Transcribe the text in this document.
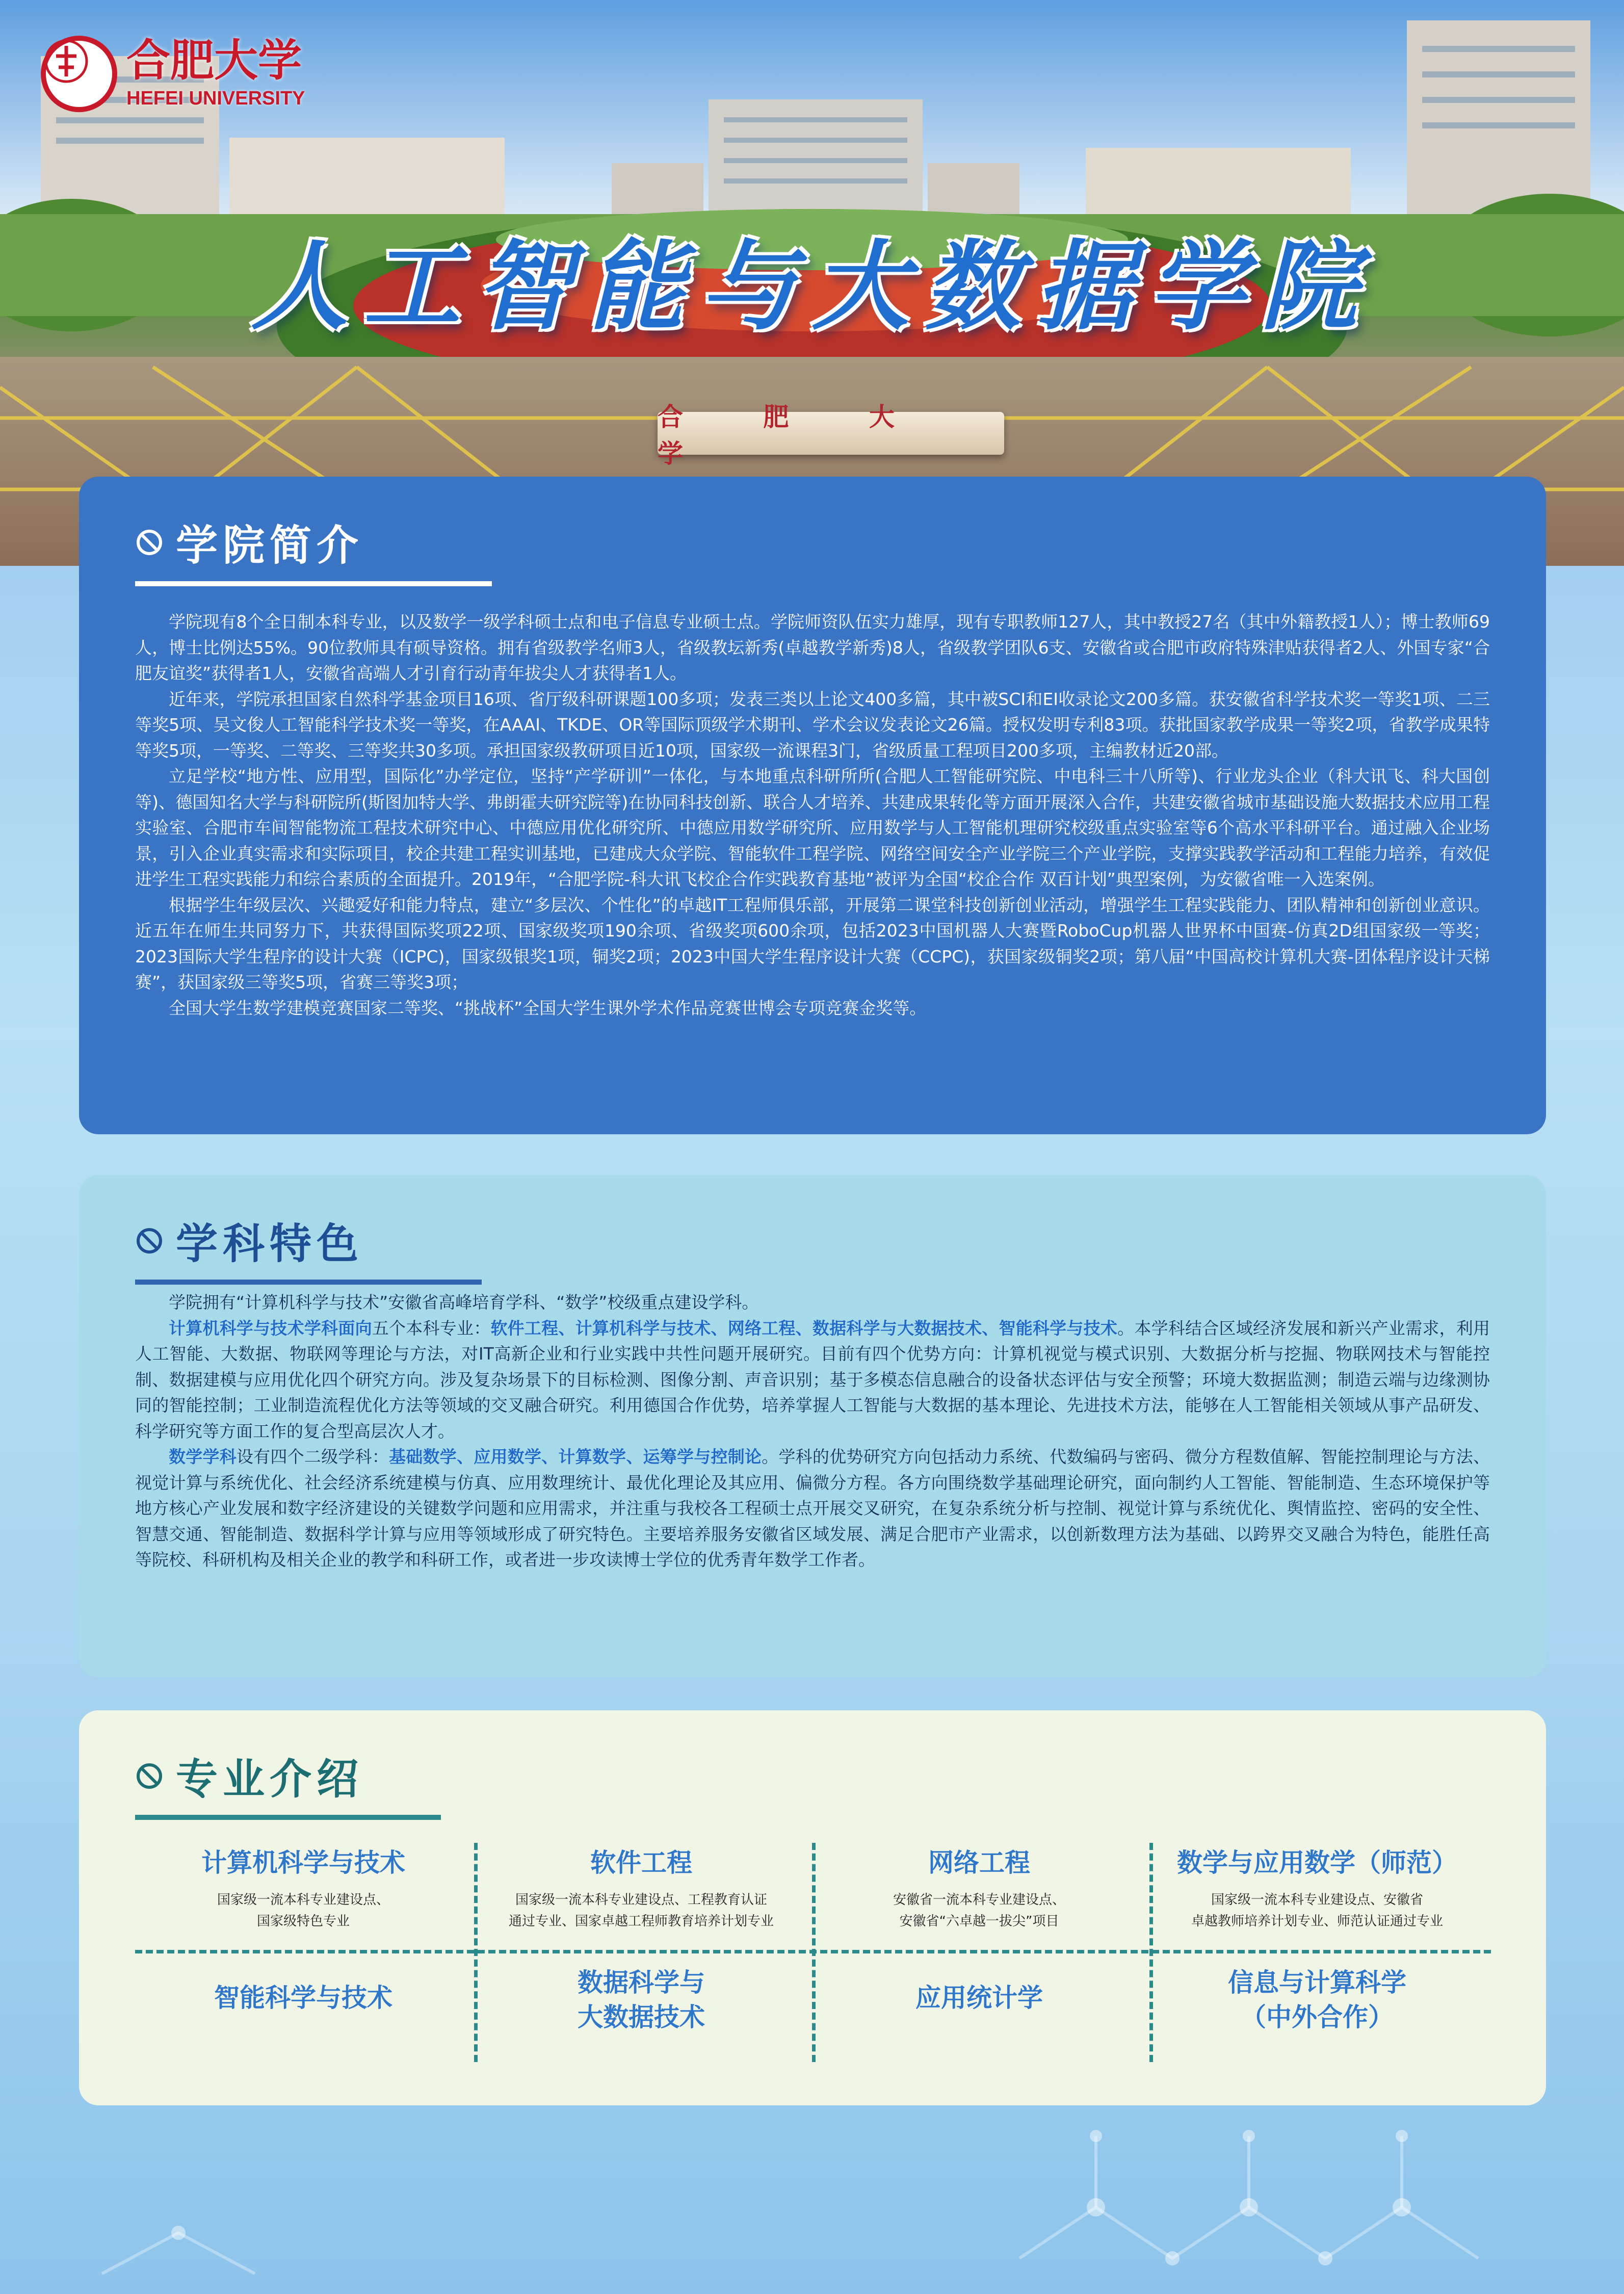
合肥大学
HEFEI UNIVERSITY
人工智能与大数据学院
合 肥 大 学
学院简介

学院现有8个全日制本科专业，以及数学一级学科硕士点和电子信息专业硕士点。学院师资队伍实力雄厚，现有专职教师127人，其中教授27名（其中外籍教授1人）；博士教师69人，博士比例达55%。90位教师具有硕导资格。拥有省级教学名师3人，省级教坛新秀(卓越教学新秀)8人，省级教学团队6支、安徽省或合肥市政府特殊津贴获得者2人、外国专家“合肥友谊奖”获得者1人，安徽省高端人才引育行动青年拔尖人才获得者1人。

近年来，学院承担国家自然科学基金项目16项、省厅级科研课题100多项；发表三类以上论文400多篇，其中被SCI和EI收录论文200多篇。获安徽省科学技术奖一等奖1项、二三等奖5项、吴文俊人工智能科学技术奖一等奖，在AAAI、TKDE、OR等国际顶级学术期刊、学术会议发表论文26篇。授权发明专利83项。获批国家教学成果一等奖2项，省教学成果特等奖5项，一等奖、二等奖、三等奖共30多项。承担国家级教研项目近10项，国家级一流课程3门，省级质量工程项目200多项，主编教材近20部。

立足学校“地方性、应用型，国际化”办学定位，坚持“产学研训”一体化，与本地重点科研所所(合肥人工智能研究院、中电科三十八所等)、行业龙头企业（科大讯飞、科大国创等)、德国知名大学与科研院所(斯图加特大学、弗朗霍夫研究院等)在协同科技创新、联合人才培养、共建成果转化等方面开展深入合作，共建安徽省城市基础设施大数据技术应用工程实验室、合肥市车间智能物流工程技术研究中心、中德应用优化研究所、中德应用数学研究所、应用数学与人工智能机理研究校级重点实验室等6个高水平科研平台。通过融入企业场景，引入企业真实需求和实际项目，校企共建工程实训基地，已建成大众学院、智能软件工程学院、网络空间安全产业学院三个产业学院，支撑实践教学活动和工程能力培养，有效促进学生工程实践能力和综合素质的全面提升。2019年，“合肥学院-科大讯飞校企合作实践教育基地”被评为全国“校企合作 双百计划”典型案例，为安徽省唯一入选案例。

根据学生年级层次、兴趣爱好和能力特点，建立“多层次、个性化”的卓越IT工程师俱乐部，开展第二课堂科技创新创业活动，增强学生工程实践能力、团队精神和创新创业意识。近五年在师生共同努力下，共获得国际奖项22项、国家级奖项190余项、省级奖项600余项，包括2023中国机器人大赛暨RoboCup机器人世界杯中国赛-仿真2D组国家级一等奖；2023国际大学生程序的设计大赛（ICPC)，国家级银奖1项，铜奖2项；2023中国大学生程序设计大赛（CCPC)，获国家级铜奖2项；第八届“中国高校计算机大赛-团体程序设计天梯赛”，获国家级三等奖5项，省赛三等奖3项；

全国大学生数学建模竞赛国家二等奖、“挑战杯”全国大学生课外学术作品竞赛世博会专项竞赛金奖等。

学科特色

学院拥有“计算机科学与技术”安徽省高峰培育学科、“数学”校级重点建设学科。

计算机科学与技术学科面向五个本科专业：软件工程、计算机科学与技术、网络工程、数据科学与大数据技术、智能科学与技术。本学科结合区域经济发展和新兴产业需求，利用人工智能、大数据、物联网等理论与方法，对IT高新企业和行业实践中共性问题开展研究。目前有四个优势方向：计算机视觉与模式识别、大数据分析与挖掘、物联网技术与智能控制、数据建模与应用优化四个研究方向。涉及复杂场景下的目标检测、图像分割、声音识别；基于多模态信息融合的设备状态评估与安全预警；环境大数据监测；制造云端与边缘测协同的智能控制；工业制造流程优化方法等领域的交叉融合研究。利用德国合作优势，培养掌握人工智能与大数据的基本理论、先进技术方法，能够在人工智能相关领域从事产品研发、科学研究等方面工作的复合型高层次人才。

数学学科设有四个二级学科：基础数学、应用数学、计算数学、运筹学与控制论。学科的优势研究方向包括动力系统、代数编码与密码、微分方程数值解、智能控制理论与方法、视觉计算与系统优化、社会经济系统建模与仿真、应用数理统计、最优化理论及其应用、偏微分方程。各方向围绕数学基础理论研究，面向制约人工智能、智能制造、生态环境保护等地方核心产业发展和数字经济建设的关键数学问题和应用需求，并注重与我校各工程硕士点开展交叉研究，在复杂系统分析与控制、视觉计算与系统优化、舆情监控、密码的安全性、智慧交通、智能制造、数据科学计算与应用等领域形成了研究特色。主要培养服务安徽省区域发展、满足合肥市产业需求，以创新数理方法为基础、以跨界交叉融合为特色，能胜任高等院校、科研机构及相关企业的教学和科研工作，或者进一步攻读博士学位的优秀青年数学工作者。

专业介绍
计算机科学与技术
国家级一流本科专业建设点、
国家级特色专业
软件工程
国家级一流本科专业建设点、工程教育认证
通过专业、国家卓越工程师教育培养计划专业
网络工程
安徽省一流本科专业建设点、
安徽省“六卓越一拔尖”项目
数学与应用数学（师范）
国家级一流本科专业建设点、安徽省
卓越教师培养计划专业、师范认证通过专业
智能科学与技术
数据科学与
大数据技术
应用统计学
信息与计算科学
（中外合作）
